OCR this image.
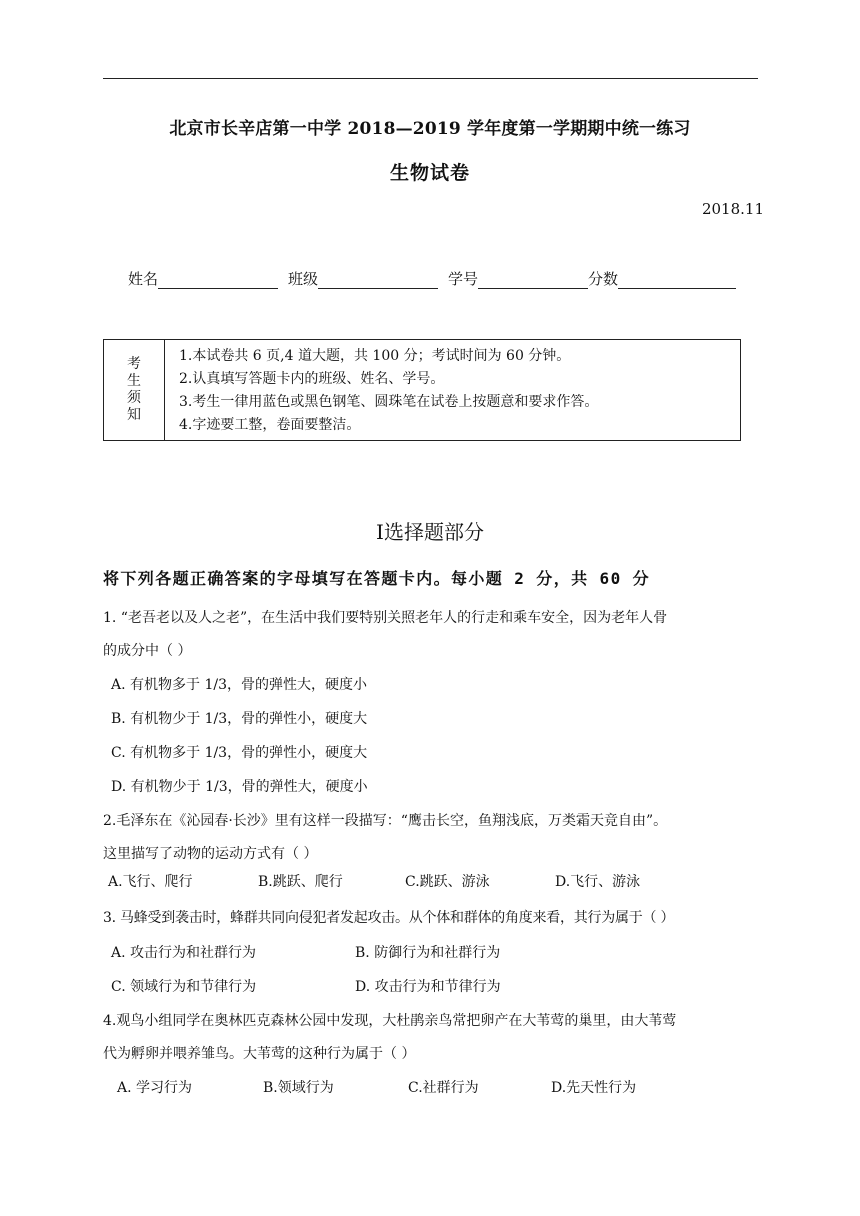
北京市长辛店第一中学 2018—2019 学年度第一学期期中统一练习
生物试卷
2018.11
姓名	班级	学号	分数
考
生
须
知
1.本试卷共 6 页,4 道大题，共 100 分；考试时间为 60 分钟。
2.认真填写答题卡内的班级、姓名、学号。
3.考生一律用蓝色或黑色钢笔、圆珠笔在试卷上按题意和要求作答。
4.字迹要工整，卷面要整洁。
Ⅰ选择题部分
将下列各题正确答案的字母填写在答题卡内。每小题 2 分，共 60 分
1. “老吾老以及人之老”，在生活中我们要特别关照老年人的行走和乘车安全，因为老年人骨
的成分中（ ）
A. 有机物多于 1/3，骨的弹性大，硬度小
B. 有机物少于 1/3，骨的弹性小，硬度大
C. 有机物多于 1/3，骨的弹性小，硬度大
D. 有机物少于 1/3，骨的弹性大，硬度小
2.毛泽东在《沁园春·长沙》里有这样一段描写：“鹰击长空，鱼翔浅底，万类霜天竞自由”。
这里描写了动物的运动方式有（ ）
A.飞行、爬行	B.跳跃、爬行	C.跳跃、游泳	D.飞行、游泳
3. 马蜂受到袭击时，蜂群共同向侵犯者发起攻击。从个体和群体的角度来看，其行为属于（ ）
A. 攻击行为和社群行为	B. 防御行为和社群行为
C. 领域行为和节律行为	D. 攻击行为和节律行为
4.观鸟小组同学在奥林匹克森林公园中发现，大杜鹃亲鸟常把卵产在大苇莺的巢里，由大苇莺
代为孵卵并喂养雏鸟。大苇莺的这种行为属于（ ）
A. 学习行为	B.领域行为	C.社群行为	D.先天性行为
